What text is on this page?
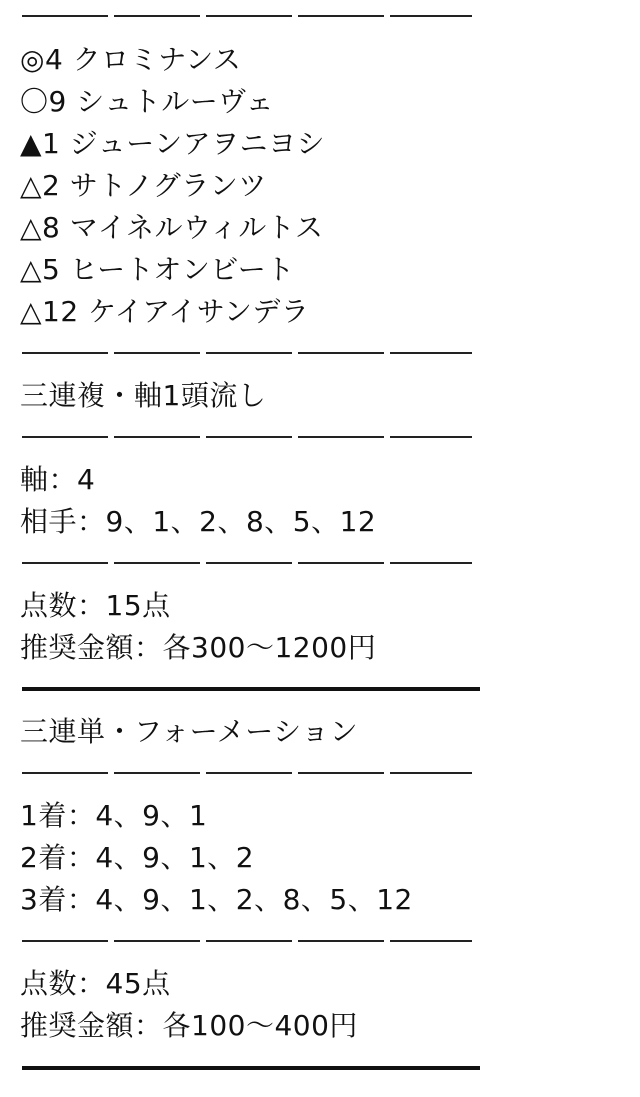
◎4 クロミナンス
〇9 シュトルーヴェ
▲1 ジューンアヲニヨシ
△2 サトノグランツ
△8 マイネルウィルトス
△5 ヒートオンビート
△12 ケイアイサンデラ
三連複・軸1頭流し
軸：4
相手：9、1、2、8、5、12
点数：15点
推奨金額：各300〜1200円
三連単・フォーメーション
1着：4、9、1
2着：4、9、1、2
3着：4、9、1、2、8、5、12
点数：45点
推奨金額：各100〜400円
